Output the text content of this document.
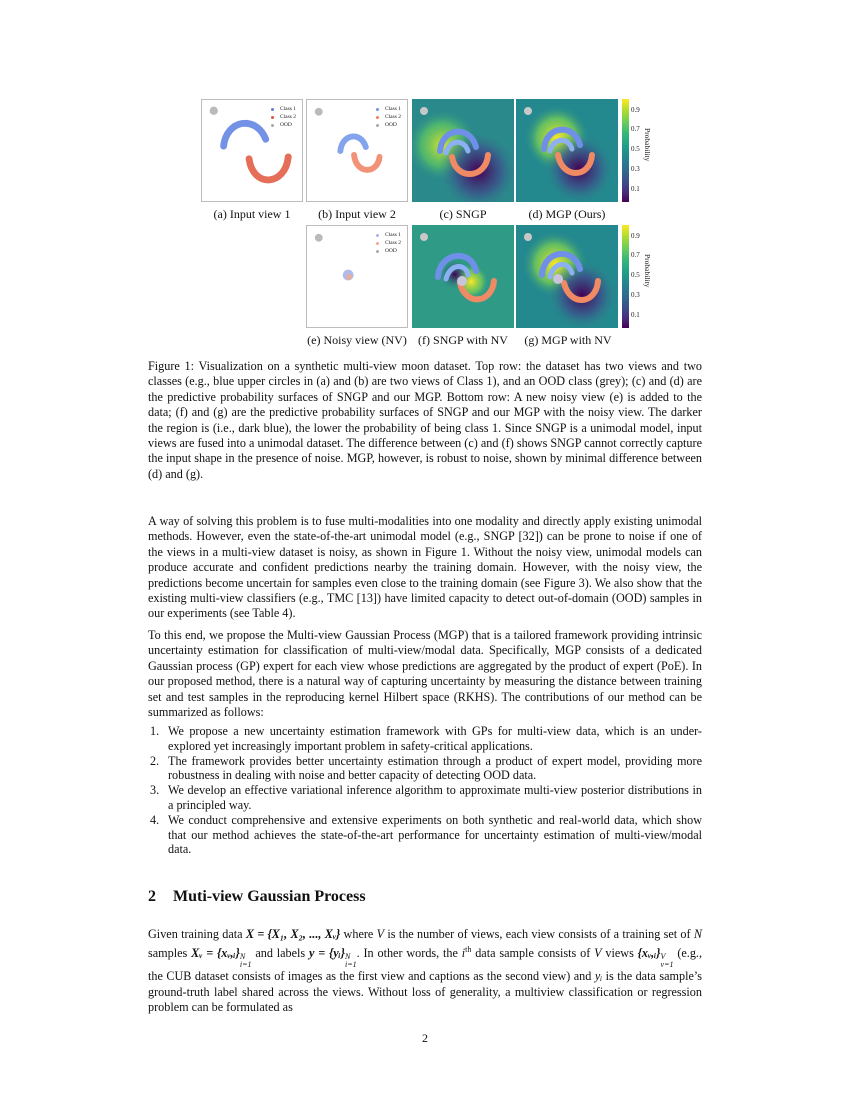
Class 1
Class 2
OOD
Class 1
Class 2
OOD
0.9
0.7
0.5
0.3
0.1
Probability
(a) Input view 1	(b) Input view 2	(c) SNGP	(d) MGP (Ours)
Class 1
Class 2
OOD
0.9
0.7
0.5
0.3
0.1
Probability
(e) Noisy view (NV) (f) SNGP with NV	(g) MGP with NV
Figure 1: Visualization on a synthetic multi-view moon dataset. Top row: the dataset has two views and two classes (e.g., blue upper circles in (a) and (b) are two views of Class 1), and an OOD class (grey); (c) and (d) are the predictive probability surfaces of SNGP and our MGP. Bottom row: A new noisy view (e) is added to the data; (f) and (g) are the predictive probability surfaces of SNGP and our MGP with the noisy view. The darker the region is (i.e., dark blue), the lower the probability of being class 1. Since SNGP is a unimodal model, input views are fused into a unimodal dataset. The difference between (c) and (f) shows SNGP cannot correctly capture the input shape in the presence of noise. MGP, however, is robust to noise, shown by minimal difference between (d) and (g).
A way of solving this problem is to fuse multi-modalities into one modality and directly apply existing unimodal methods. However, even the state-of-the-art unimodal model (e.g., SNGP [32]) can be prone to noise if one of the views in a multi-view dataset is noisy, as shown in Figure 1. Without the noisy view, unimodal models can produce accurate and confident predictions nearby the training domain. However, with the noisy view, the predictions become uncertain for samples even close to the training domain (see Figure 3). We also show that the existing multi-view classifiers (e.g., TMC [13]) have limited capacity to detect out-of-domain (OOD) samples in our experiments (see Table 4).
To this end, we propose the Multi-view Gaussian Process (MGP) that is a tailored framework providing intrinsic uncertainty estimation for classification of multi-view/modal data. Specifically, MGP consists of a dedicated Gaussian process (GP) expert for each view whose predictions are aggregated by the product of expert (PoE). In our proposed method, there is a natural way of capturing uncertainty by measuring the distance between training set and test samples in the reproducing kernel Hilbert space (RKHS). The contributions of our method can be summarized as follows:
1. We propose a new uncertainty estimation framework with GPs for multi-view data, which is an under-explored yet increasingly important problem in safety-critical applications.
2. The framework provides better uncertainty estimation through a product of expert model, providing more robustness in dealing with noise and better capacity of detecting OOD data.
3. We develop an effective variational inference algorithm to approximate multi-view posterior distributions in a principled way.
4. We conduct comprehensive and extensive experiments on both synthetic and real-world data, which show that our method achieves the state-of-the-art performance for uncertainty estimation of multi-view/modal data.
2 Muti-view Gaussian Process
Given training data X = {X₁, X₂, ..., Xᵥ} where V is the number of views, each view consists of a training set of N samples Xᵥ = {xᵥ,ᵢ} N
i=1
and labels y = {yᵢ} N
i=1
. In other words, the $i^{th}$ data sample consists of V views {xᵥ,ᵢ} V
v=1
(e.g., the CUB dataset consists of images as the first view and captions as the second view) and yᵢ is the data sample’s ground-truth label shared across the views. Without loss of generality, a multiview classification or regression problem can be formulated as
2
